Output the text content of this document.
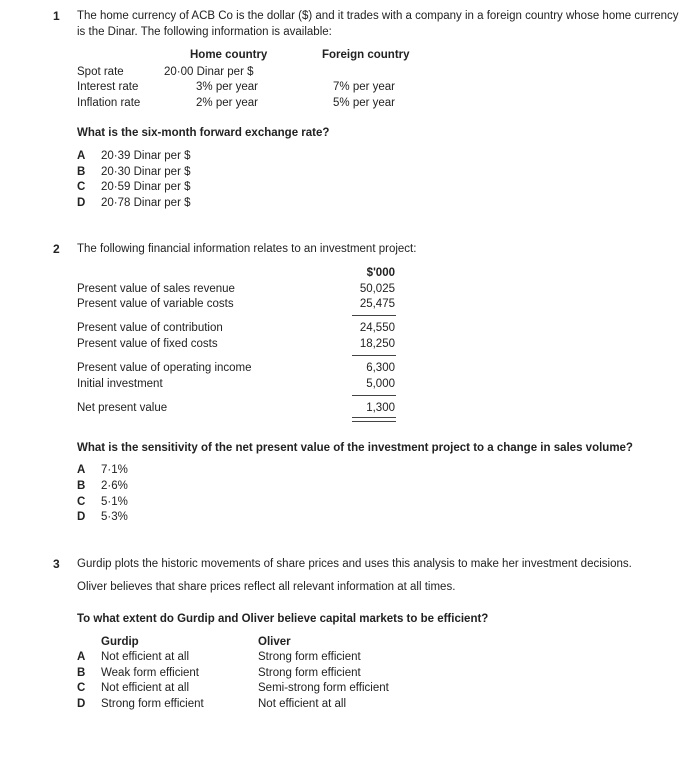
1 The home currency of ACB Co is the dollar ($) and it trades with a company in a foreign country whose home currency
is the Dinar. The following information is available:
Home country	Foreign country
Spot rate	20·00 Dinar per $
Interest rate	3% per year	7% per year
Inflation rate	2% per year	5% per year
What is the six-month forward exchange rate?
A 20·39 Dinar per $
B 20·30 Dinar per $
C 20·59 Dinar per $
D 20·78 Dinar per $
2 The following financial information relates to an investment project:
$'000
Present value of sales revenue	50,025
Present value of variable costs	25,475
Present value of contribution	24,550
Present value of fixed costs	18,250
Present value of operating income	6,300
Initial investment	5,000
Net present value	1,300
What is the sensitivity of the net present value of the investment project to a change in sales volume?
A 7·1%
B 2·6%
C 5·1%
D 5·3%
3 Gurdip plots the historic movements of share prices and uses this analysis to make her investment decisions.
Oliver believes that share prices reflect all relevant information at all times.
To what extent do Gurdip and Oliver believe capital markets to be efficient?
Gurdip	Oliver
A Not efficient at all	Strong form efficient
B Weak form efficient	Strong form efficient
C Not efficient at all	Semi-strong form efficient
D Strong form efficient	Not efficient at all
